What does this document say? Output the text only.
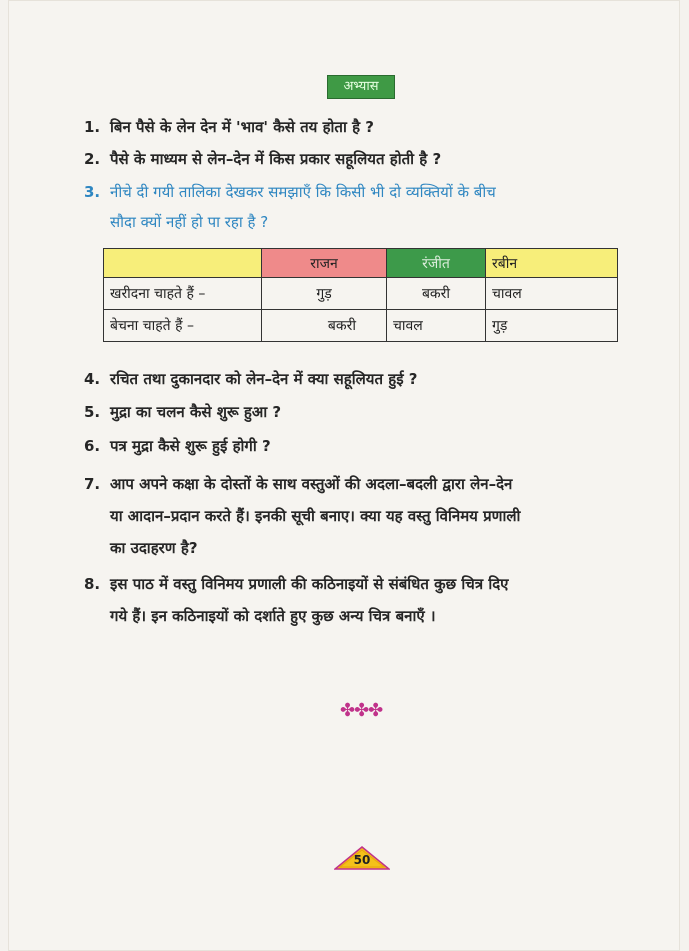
अभ्यास
1. बिन पैसे के लेन देन में 'भाव' कैसे तय होता है ?
2. पैसे के माध्यम से लेन–देन में किस प्रकार सहूलियत होती है ?
3. नीचे दी गयी तालिका देखकर समझाएँ कि किसी भी दो व्यक्तियों के बीच
सौदा क्यों नहीं हो पा रहा है ?
	राजन	रंजीत	रबीन
खरीदना चाहते हैं –	गुड़	बकरी	चावल
बेचना चाहते हैं –	बकरी	चावल	गुड़
4. रचित तथा दुकानदार को लेन–देन में क्या सहूलियत हुई ?
5. मुद्रा का चलन कैसे शुरू हुआ ?
6. पत्र मुद्रा कैसे शुरू हुई होगी ?
7. आप अपने कक्षा के दोस्तों के साथ वस्तुओं की अदला–बदली द्वारा लेन–देन
या आदान–प्रदान करते हैं। इनकी सूची बनाए। क्या यह वस्तु विनिमय प्रणाली
का उदाहरण है?
8. इस पाठ में वस्तु विनिमय प्रणाली की कठिनाइयों से संबंधित कुछ चित्र दिए
गये हैं। इन कठिनाइयों को दर्शाते हुए कुछ अन्य चित्र बनाएँ ।
✤✤✤
50
